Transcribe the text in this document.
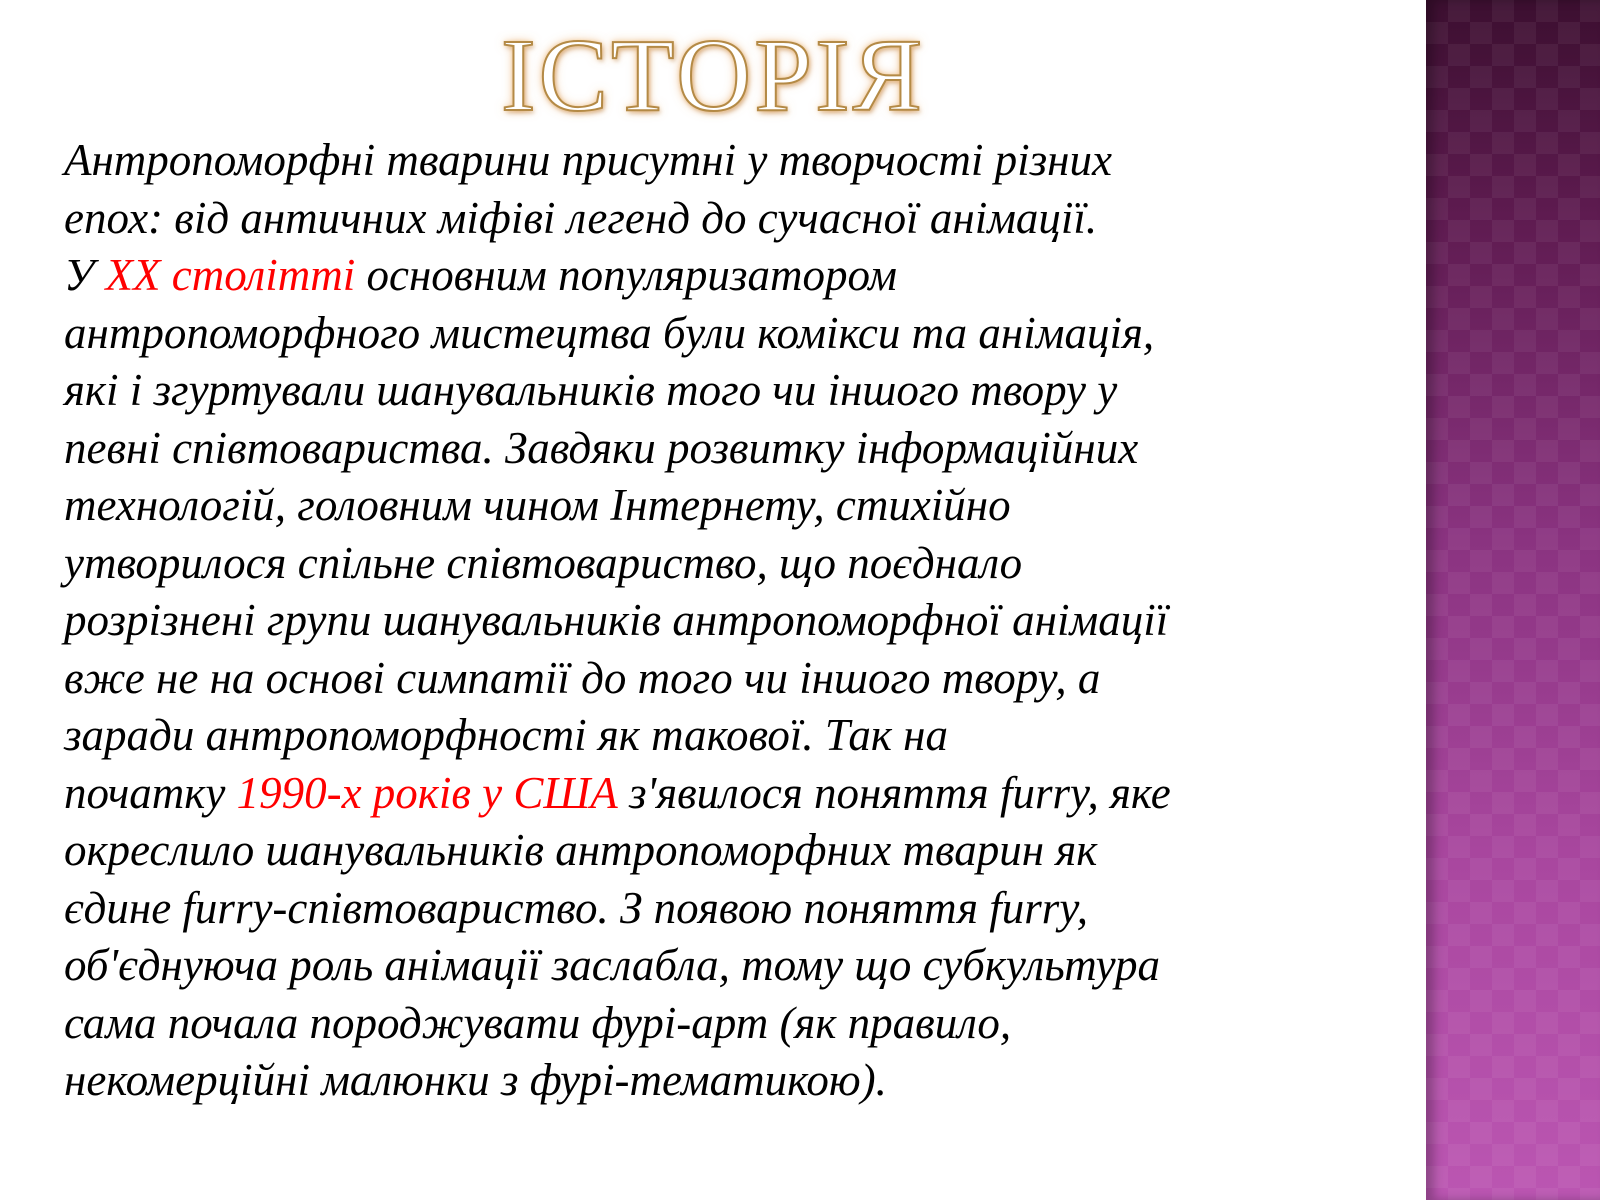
ІСТОРІЯ
Антропоморфні тварини присутні у творчості різних
епох: від античних міфіві легенд до сучасної анімації.
У XX столітті основним популяризатором
антропоморфного мистецтва були комікси та анімація,
які і згуртували шанувальників того чи іншого твору у
певні співтовариства. Завдяки розвитку інформаційних
технологій, головним чином Інтернету, стихійно
утворилося спільне співтовариство, що поєднало
розрізнені групи шанувальників антропоморфної анімації
вже не на основі симпатії до того чи іншого твору, а
заради антропоморфності як такової. Так на
початку 1990-х років у США з'явилося поняття furry, яке
окреслило шанувальників антропоморфних тварин як
єдине furry-співтовариство. З появою поняття furry,
об'єднуюча роль анімації заслабла, тому що субкультура
сама почала породжувати фурі-арт (як правило,
некомерційні малюнки з фурі-тематикою).
